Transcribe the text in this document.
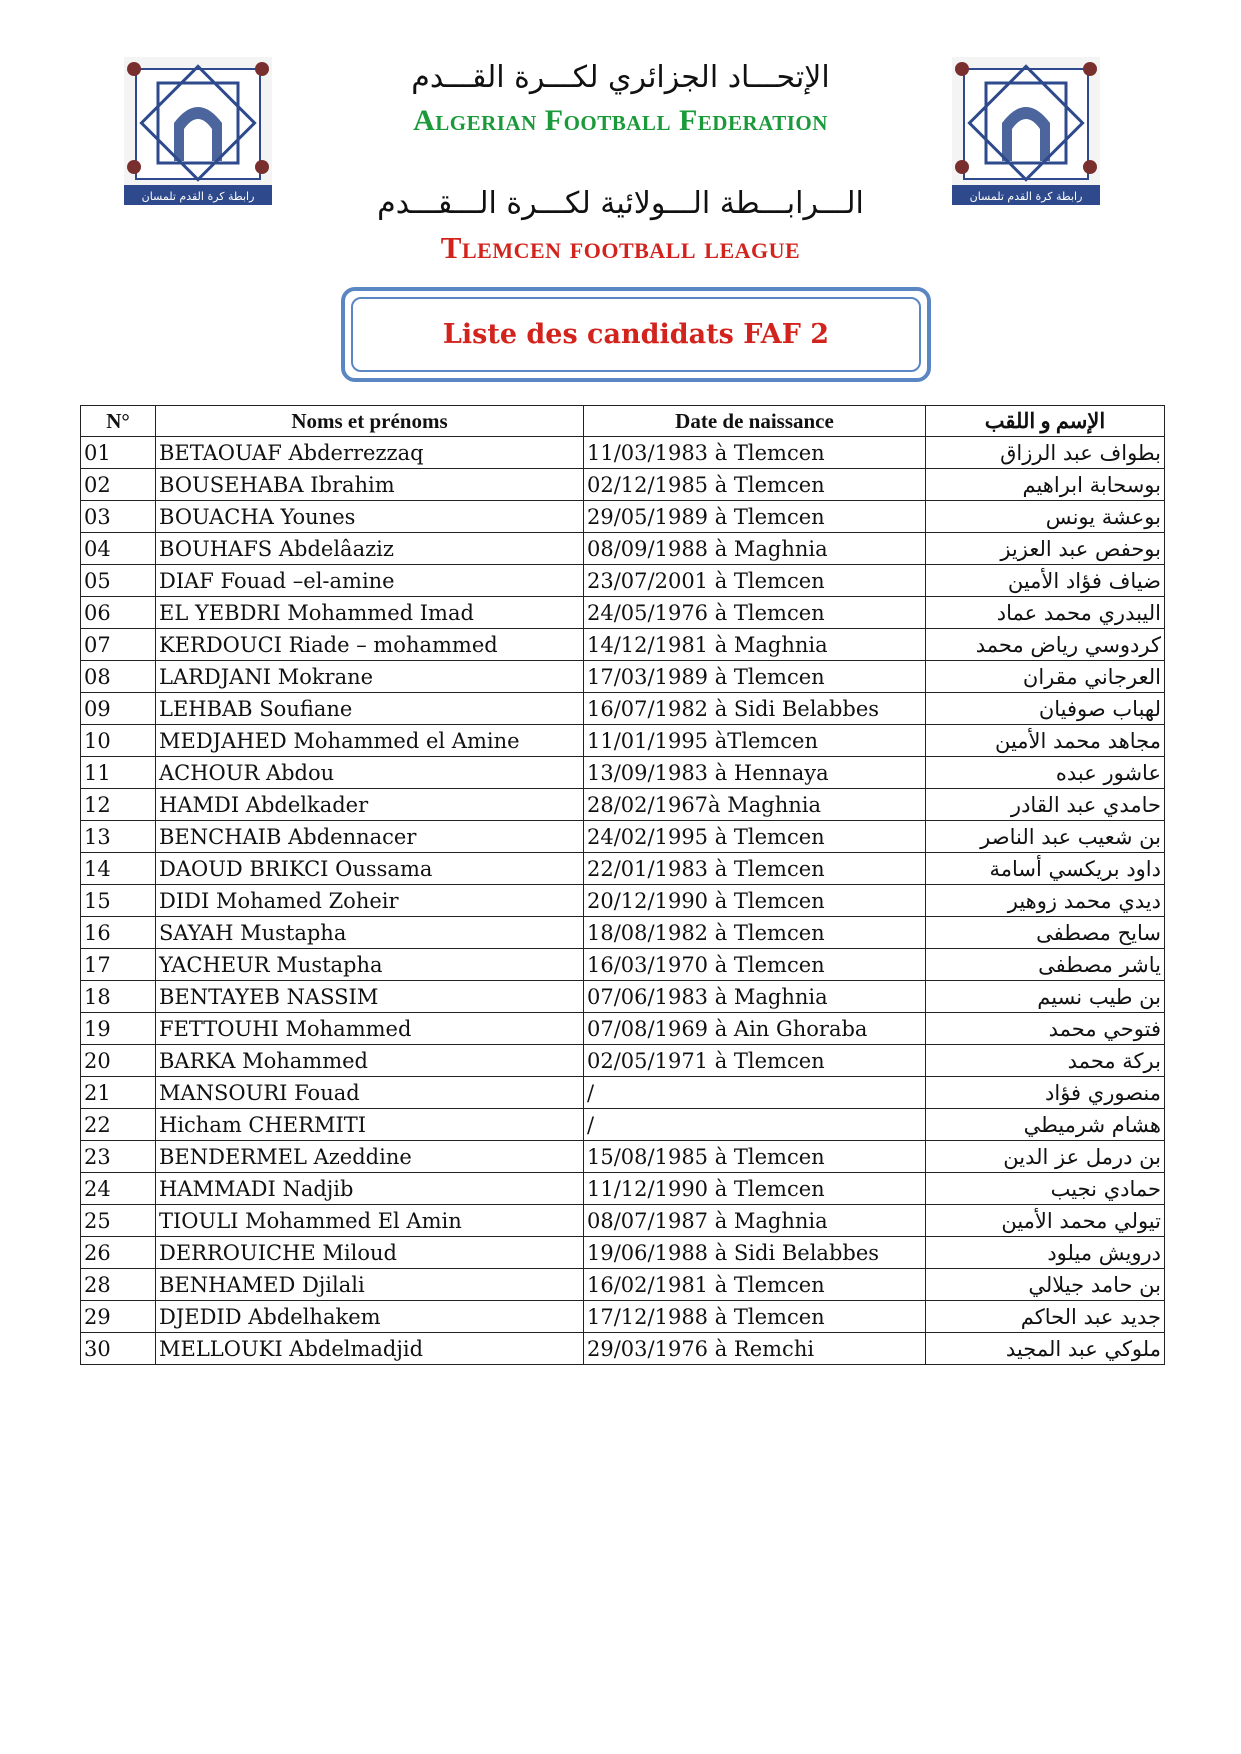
رابطة كرة القدم تلمسان	رابطة كرة القدم تلمسان
الإتحـــاد الجزائري لكـــرة القـــدم
Algerian Football Federation
الـــرابـــطة الـــولائية لكـــرة الـــقـــدم
Tlemcen football league
Liste des candidats FAF 2
N°	Noms et prénoms	Date de naissance	الإسم و اللقب
01	BETAOUAF Abderrezzaq	11/03/1983 à Tlemcen	بطواف عبد الرزاق
02	BOUSEHABA Ibrahim	02/12/1985 à Tlemcen	بوسحابة ابراهيم
03	BOUACHA Younes	29/05/1989 à Tlemcen	بوعشة يونس
04	BOUHAFS Abdelâaziz	08/09/1988 à Maghnia	بوحفص عبد العزيز
05	DIAF Fouad –el-amine	23/07/2001 à Tlemcen	ضياف فؤاد الأمين
06	EL YEBDRI Mohammed Imad	24/05/1976 à Tlemcen	اليبدري محمد عماد
07	KERDOUCI Riade – mohammed	14/12/1981 à Maghnia	كردوسي رياض محمد
08	LARDJANI Mokrane	17/03/1989 à Tlemcen	العرجاني مقران
09	LEHBAB Soufiane	16/07/1982 à Sidi Belabbes	لهباب صوفيان
10	MEDJAHED Mohammed el Amine	11/01/1995 àTlemcen	مجاهد محمد الأمين
11	ACHOUR Abdou	13/09/1983 à Hennaya	عاشور عبده
12	HAMDI Abdelkader	28/02/1967à Maghnia	حامدي عبد القادر
13	BENCHAIB Abdennacer	24/02/1995 à Tlemcen	بن شعيب عبد الناصر
14	DAOUD BRIKCI Oussama	22/01/1983 à Tlemcen	داود بريكسي أسامة
15	DIDI Mohamed Zoheir	20/12/1990 à Tlemcen	ديدي محمد زوهير
16	SAYAH Mustapha	18/08/1982 à Tlemcen	سايح مصطفى
17	YACHEUR Mustapha	16/03/1970 à Tlemcen	ياشر مصطفى
18	BENTAYEB NASSIM	07/06/1983 à Maghnia	بن طيب نسيم
19	FETTOUHI Mohammed	07/08/1969 à Ain Ghoraba	فتوحي محمد
20	BARKA Mohammed	02/05/1971 à Tlemcen	بركة محمد
21	MANSOURI Fouad	/	منصوري فؤاد
22	Hicham CHERMITI	/	هشام شرميطي
23	BENDERMEL Azeddine	15/08/1985 à Tlemcen	بن درمل عز الدين
24	HAMMADI Nadjib	11/12/1990 à Tlemcen	حمادي نجيب
25	TIOULI Mohammed El Amin	08/07/1987 à Maghnia	تيولي محمد الأمين
26	DERROUICHE Miloud	19/06/1988 à Sidi Belabbes	درويش ميلود
28	BENHAMED Djilali	16/02/1981 à Tlemcen	بن حامد جيلالي
29	DJEDID Abdelhakem	17/12/1988 à Tlemcen	جديد عبد الحاكم
30	MELLOUKI Abdelmadjid	29/03/1976 à Remchi	ملوكي عبد المجيد
